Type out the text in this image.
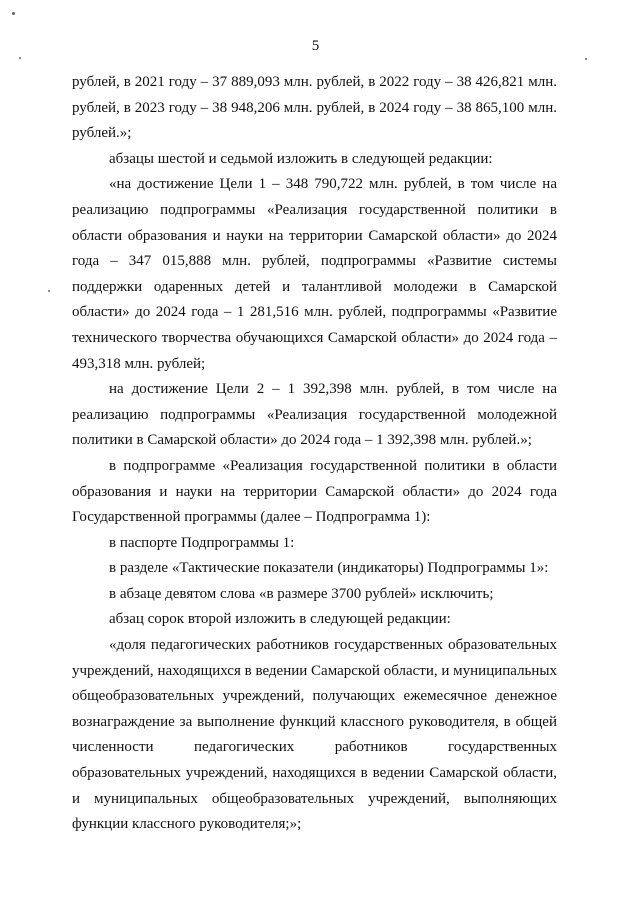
5

рублей, в 2021 году – 37 889,093 млн. рублей, в 2022 году – 38 426,821 млн. рублей, в 2023 году – 38 948,206 млн. рублей, в 2024 году – 38 865,100 млн. рублей.»;

абзацы шестой и седьмой изложить в следующей редакции:

«на достижение Цели 1 – 348 790,722 млн. рублей, в том числе на реализацию подпрограммы «Реализация государственной политики в области образования и науки на территории Самарской области» до 2024 года – 347 015,888 млн. рублей, подпрограммы «Развитие системы поддержки одаренных детей и талантливой молодежи в Самарской области» до 2024 года – 1 281,516 млн. рублей, подпрограммы «Развитие технического творчества обучающихся Самарской области» до 2024 года – 493,318 млн. рублей;

на достижение Цели 2 – 1 392,398 млн. рублей, в том числе на реализацию подпрограммы «Реализация государственной молодежной политики в Самарской области» до 2024 года – 1 392,398 млн. рублей.»;

в подпрограмме «Реализация государственной политики в области образования и науки на территории Самарской области» до 2024 года Государственной программы (далее – Подпрограмма 1):

в паспорте Подпрограммы 1:

в разделе «Тактические показатели (индикаторы) Подпрограммы 1»:

в абзаце девятом слова «в размере 3700 рублей» исключить;

абзац сорок второй изложить в следующей редакции:

«доля педагогических работников государственных образовательных учреждений, находящихся в ведении Самарской области, и муниципальных общеобразовательных учреждений, получающих ежемесячное денежное вознаграждение за выполнение функций классного руководителя, в общей численности педагогических работников государственных образовательных учреждений, находящихся в ведении Самарской области, и муниципальных общеобразовательных учреждений, выполняющих функции классного руководителя;»;
